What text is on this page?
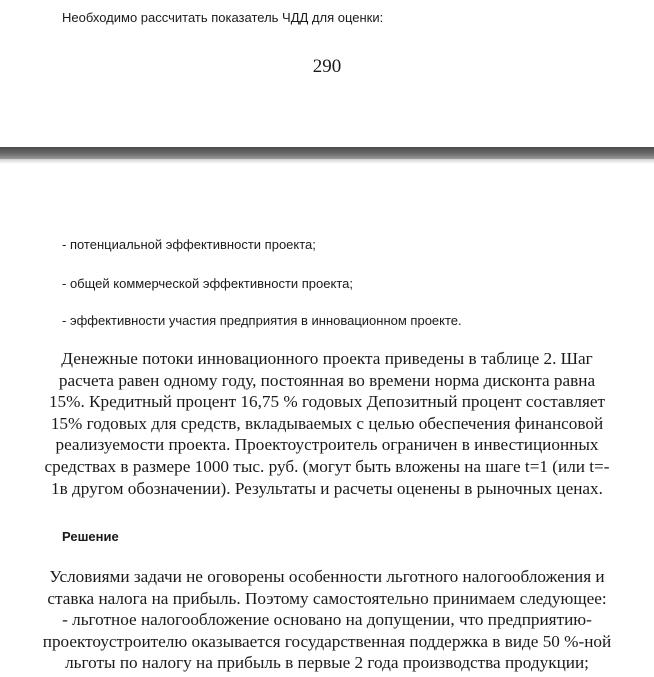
Необходимо рассчитать показатель ЧДД для оценки:
290
- потенциальной эффективности проекта;
- общей коммерческой эффективности проекта;
- эффективности участия предприятия в инновационном проекте.
Денежные потоки инновационного проекта приведены в таблице 2. Шаг
расчета равен одному году, постоянная во времени норма дисконта равна
15%. Кредитный процент 16,75 % годовых Депозитный процент составляет
15% годовых для средств, вкладываемых с целью обеспечения финансовой
реализуемости проекта. Проектоустроитель ограничен в инвестиционных
средствах в размере 1000 тыс. руб. (могут быть вложены на шаге t=1 (или t=-
1в другом обозначении). Результаты и расчеты оценены в рыночных ценах.
Решение
Условиями задачи не оговорены особенности льготного налогообложения и
ставка налога на прибыль. Поэтому самостоятельно принимаем следующее:
- льготное налогообложение основано на допущении, что предприятию-
проектоустроителю оказывается государственная поддержка в виде 50 %-ной
льготы по налогу на прибыль в первые 2 года производства продукции;
